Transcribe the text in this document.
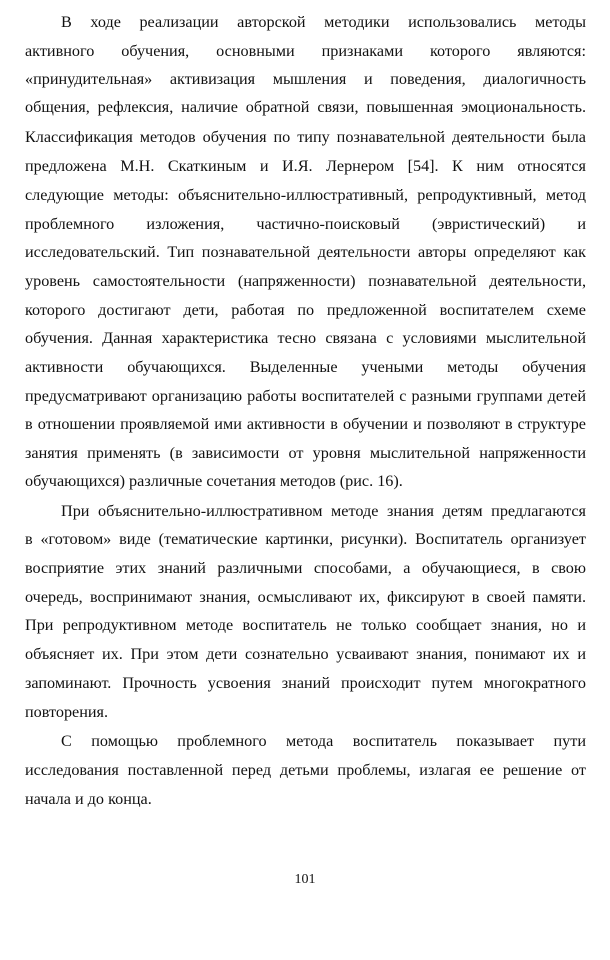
В ходе реализации авторской методики использовались методы
активного обучения, основными признаками которого являются:
«принудительная» активизация мышления и поведения, диалогичность
общения, рефлексия, наличие обратной связи, повышенная эмоциональность.
Классификация методов обучения по типу познавательной деятельности была
предложена М.Н. Скаткиным и И.Я. Лернером [54]. К ним относятся
следующие методы: объяснительно-иллюстративный, репродуктивный, метод
проблемного изложения, частично-поисковый (эвристический) и
исследовательский. Тип познавательной деятельности авторы определяют как
уровень самостоятельности (напряженности) познавательной деятельности,
которого достигают дети, работая по предложенной воспитателем схеме
обучения. Данная характеристика тесно связана с условиями мыслительной
активности обучающихся. Выделенные учеными методы обучения
предусматривают организацию работы воспитателей с разными группами детей
в отношении проявляемой ими активности в обучении и позволяют в структуре
занятия применять (в зависимости от уровня мыслительной напряженности
обучающихся) различные сочетания методов (рис. 16).
При объяснительно-иллюстративном методе знания детям предлагаются
в «готовом» виде (тематические картинки, рисунки). Воспитатель организует
восприятие этих знаний различными способами, а обучающиеся, в свою
очередь, воспринимают знания, осмысливают их, фиксируют в своей памяти.
При репродуктивном методе воспитатель не только сообщает знания, но и
объясняет их. При этом дети сознательно усваивают знания, понимают их и
запоминают. Прочность усвоения знаний происходит путем многократного
повторения.
С помощью проблемного метода воспитатель показывает пути
исследования поставленной перед детьми проблемы, излагая ее решение от
начала и до конца.
101
